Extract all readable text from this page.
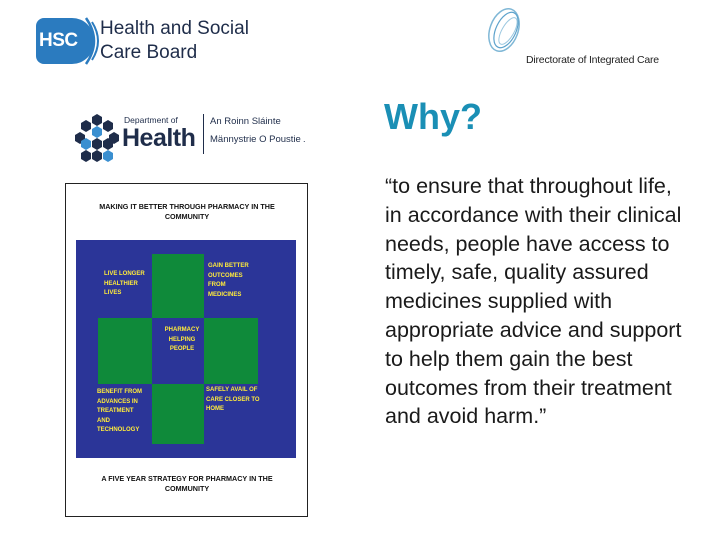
HSC
Health and Social
Care Board	Directorate of Integrated Care
Department of
Health
An Roinn Sláinte
Männystrie O Poustie .
Why?

“to ensure that throughout life, in accordance with their clinical needs, people have access to timely, safe, quality assured medicines supplied with appropriate advice and support to help them gain the best outcomes from their treatment and avoid harm.”

MAKING IT BETTER THROUGH PHARMACY IN THE COMMUNITY
LIVE LONGER
HEALTHIER
LIVES
GAIN BETTER
OUTCOMES
FROM
MEDICINES
PHARMACY
HELPING
PEOPLE
BENEFIT FROM
ADVANCES IN
TREATMENT
AND
TECHNOLOGY
SAFELY AVAIL OF
CARE CLOSER TO
HOME
A FIVE YEAR STRATEGY FOR PHARMACY IN THE COMMUNITY
